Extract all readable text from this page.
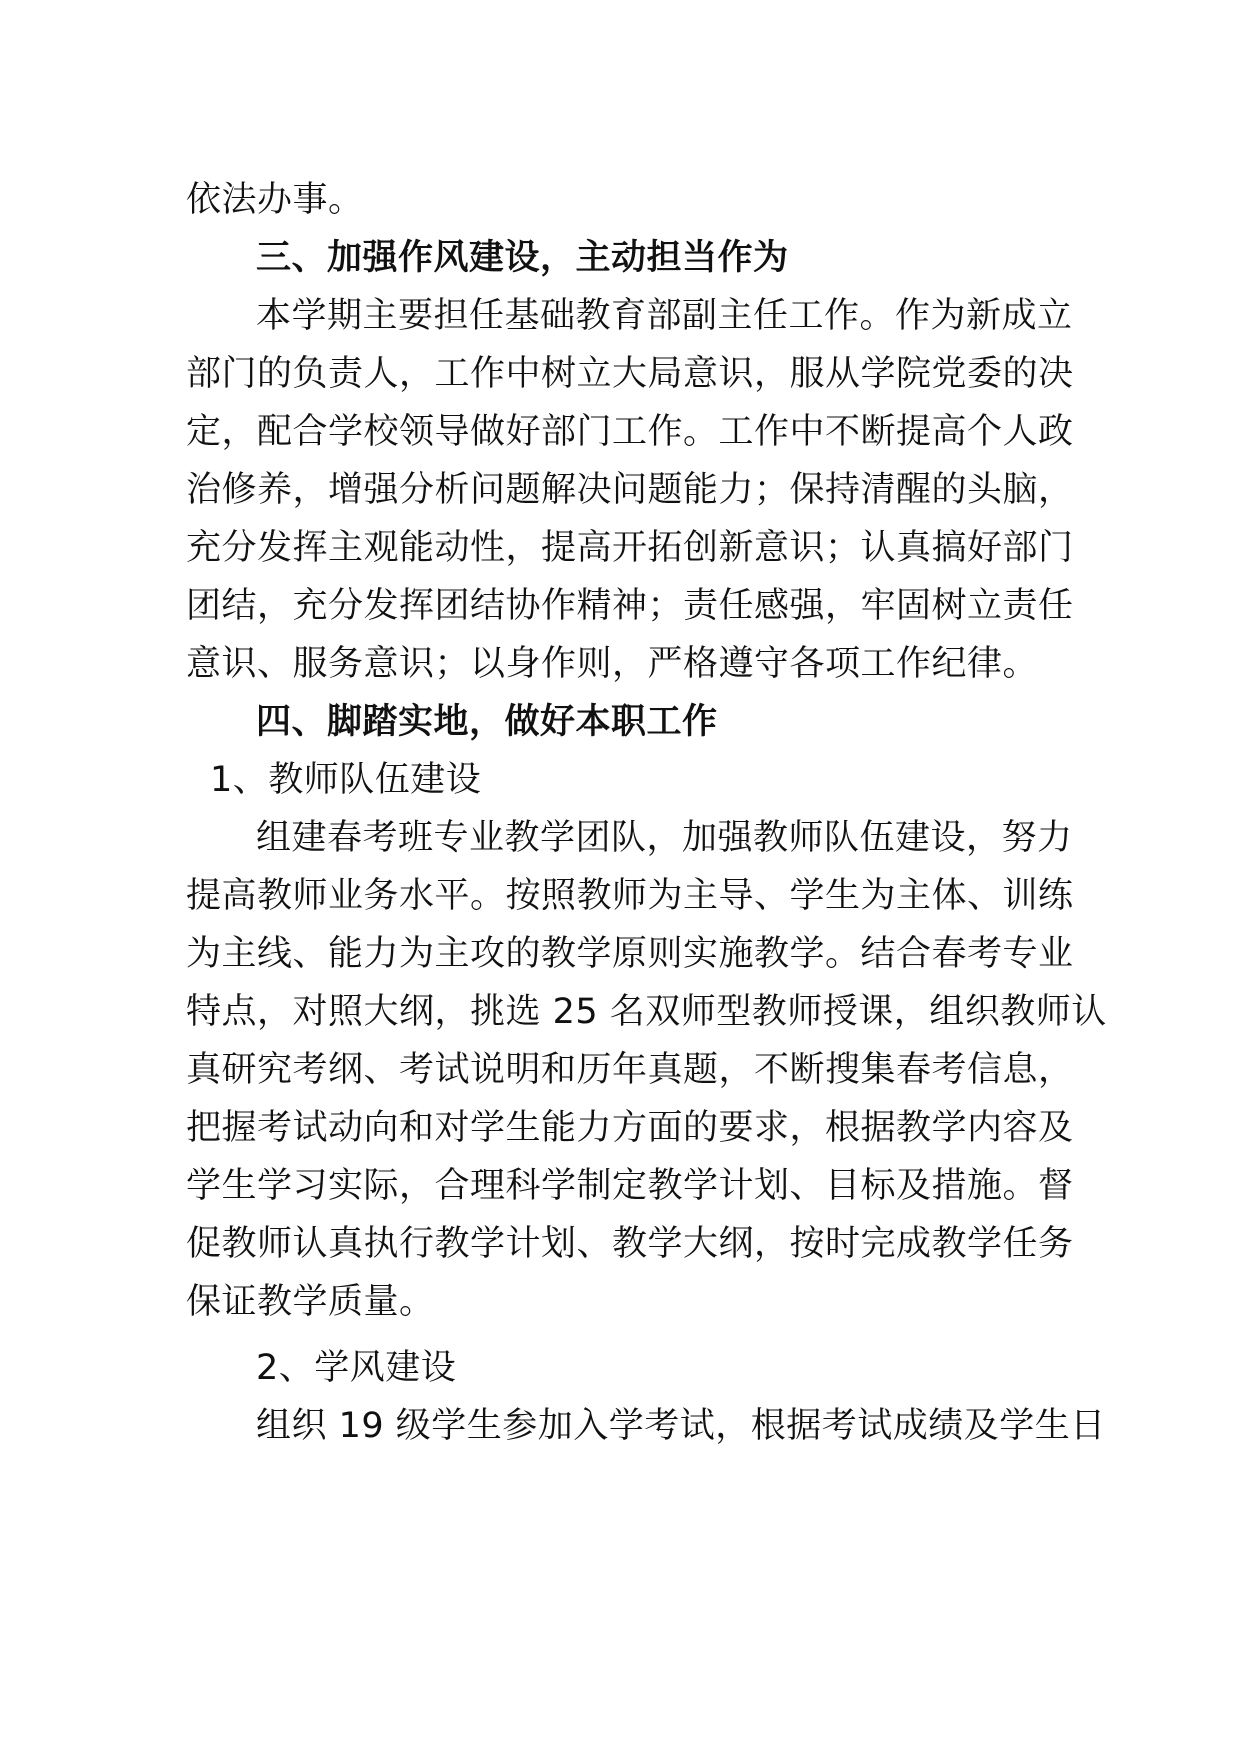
依法办事。
三、加强作风建设，主动担当作为
本学期主要担任基础教育部副主任工作。作为新成立
部门的负责人，工作中树立大局意识，服从学院党委的决
定，配合学校领导做好部门工作。工作中不断提高个人政
治修养，增强分析问题解决问题能力；保持清醒的头脑，
充分发挥主观能动性，提高开拓创新意识；认真搞好部门
团结，充分发挥团结协作精神；责任感强，牢固树立责任
意识、服务意识；以身作则，严格遵守各项工作纪律。
四、脚踏实地，做好本职工作
1、教师队伍建设
组建春考班专业教学团队，加强教师队伍建设，努力
提高教师业务水平。按照教师为主导、学生为主体、训练
为主线、能力为主攻的教学原则实施教学。结合春考专业
特点，对照大纲，挑选 25 名双师型教师授课，组织教师认
真研究考纲、考试说明和历年真题，不断搜集春考信息，
把握考试动向和对学生能力方面的要求，根据教学内容及
学生学习实际，合理科学制定教学计划、目标及措施。督
促教师认真执行教学计划、教学大纲，按时完成教学任务
保证教学质量。
2、学风建设
组织 19 级学生参加入学考试，根据考试成绩及学生日
